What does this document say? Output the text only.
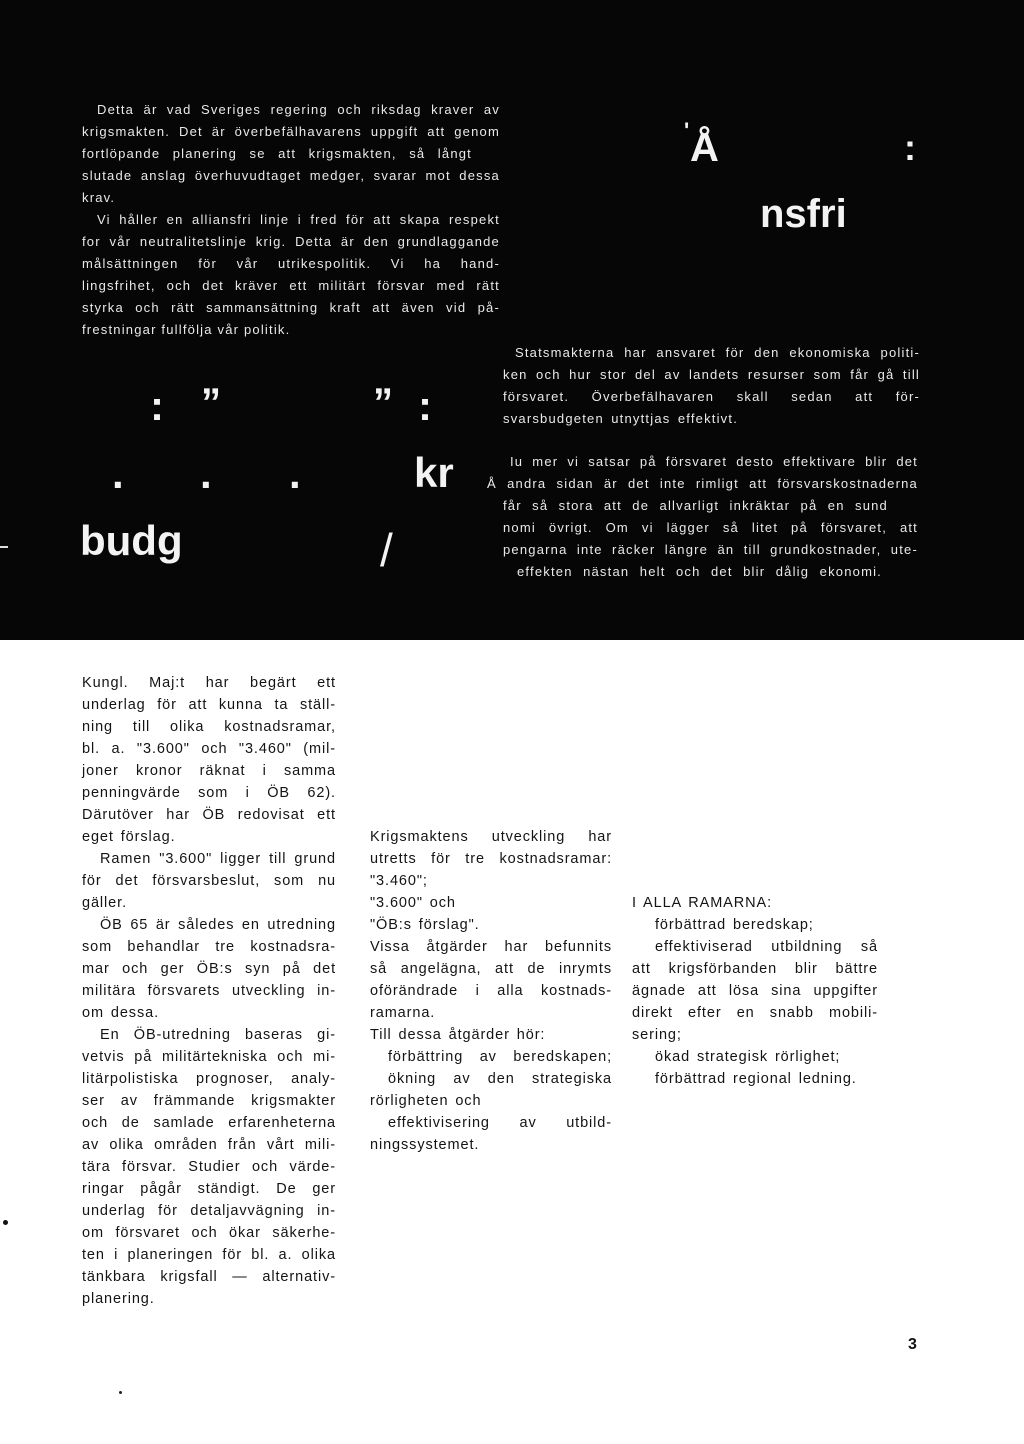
Detta är vad Sveriges regering och riksdag kraver av
krigsmakten. Det är överbefälhavarens uppgift att genom
fortlöpande planering se att krigsmakten, så långt
slutade anslag överhuvudtaget medger, svarar mot dessa
krav.
Vi håller en alliansfri linje i fred för att skapa respekt
for vår neutralitetslinje krig. Detta är den grundlaggande
målsättningen för vår utrikespolitik. Vi ha hand-
lingsfrihet, och det kräver ett militärt försvar med rätt
styrka och rätt sammansättning kraft att även vid på-
frestningar fullfölja vår politik.
' Å	:
nsfri
Statsmakterna har ansvaret för den ekonomiska politi-
ken och hur stor del av landets resurser som får gå till
försvaret. Överbefälhavaren skall sedan att för-
svarsbudgeten utnyttjas effektivt.
: ”	” :
. . .	kr
budg	/
Iu mer vi satsar på försvaret desto effektivare blir det
Å andra sidan är det inte rimligt att försvarskostnaderna
får så stora att de allvarligt inkräktar på en sund
nomi övrigt. Om vi lägger så litet på försvaret, att
pengarna inte räcker längre än till grundkostnader, ute-
effekten nästan helt och det blir dålig ekonomi.
Kungl. Maj:t har begärt ett
underlag för att kunna ta ställ-
ning till olika kostnadsramar,
bl. a. "3.600" och "3.460" (mil-
joner kronor räknat i samma
penningvärde som i ÖB 62).
Därutöver har ÖB redovisat ett
eget förslag.
Ramen "3.600" ligger till grund
för det försvarsbeslut, som nu
gäller.
ÖB 65 är således en utredning
som behandlar tre kostnadsra-
mar och ger ÖB:s syn på det
militära försvarets utveckling in-
om dessa.
En ÖB-utredning baseras gi-
vetvis på militärtekniska och mi-
litärpolistiska prognoser, analy-
ser av främmande krigsmakter
och de samlade erfarenheterna
av olika områden från vårt mili-
tära försvar. Studier och värde-
ringar pågår ständigt. De ger
underlag för detaljavvägning in-
om försvaret och ökar säkerhe-
ten i planeringen för bl. a. olika
tänkbara krigsfall — alternativ-
planering.
Krigsmaktens utveckling har
utretts för tre kostnadsramar:
"3.460";
"3.600" och
"ÖB:s förslag".
Vissa åtgärder har befunnits
så angelägna, att de inrymts
oförändrade i alla kostnads-
ramarna.
Till dessa åtgärder hör:
förbättring av beredskapen;
ökning av den strategiska
rörligheten och
effektivisering av utbild-
ningssystemet.
I ALLA RAMARNA:
förbättrad beredskap;
effektiviserad utbildning så
att krigsförbanden blir bättre
ägnade att lösa sina uppgifter
direkt efter en snabb mobili-
sering;
ökad strategisk rörlighet;
förbättrad regional ledning.
3
